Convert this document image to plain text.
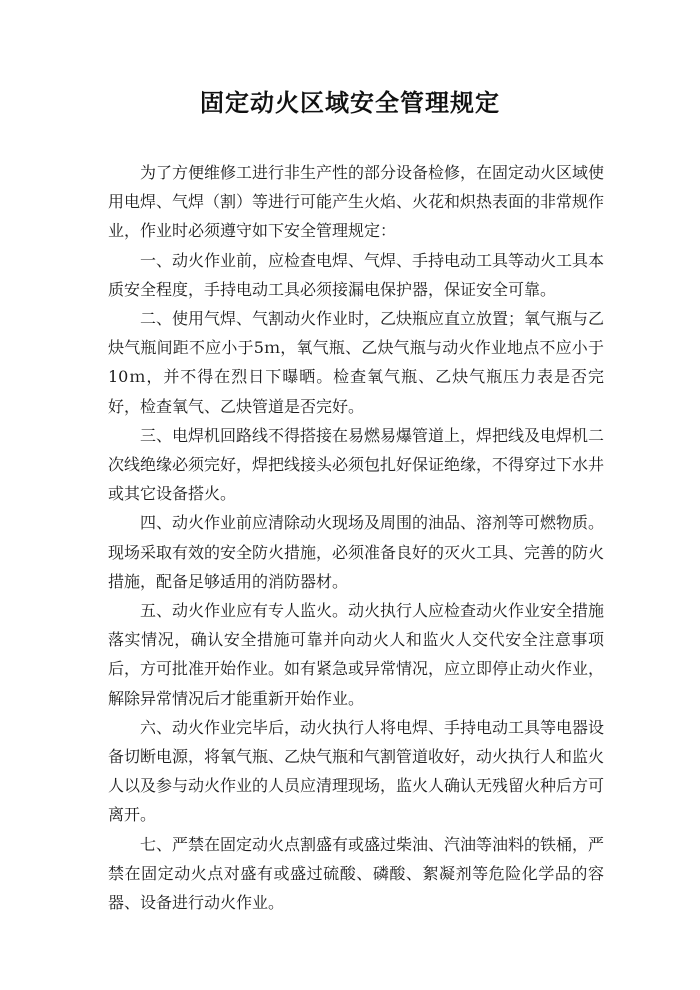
固定动火区域安全管理规定

为了方便维修工进行非生产性的部分设备检修，在固定动火区域使用电焊、气焊（割）等进行可能产生火焰、火花和炽热表面的非常规作业，作业时必须遵守如下安全管理规定：

一、动火作业前，应检查电焊、气焊、手持电动工具等动火工具本质安全程度，手持电动工具必须接漏电保护器，保证安全可靠。

二、使用气焊、气割动火作业时，乙炔瓶应直立放置；氧气瓶与乙炔气瓶间距不应小于5ｍ，氧气瓶、乙炔气瓶与动火作业地点不应小于10ｍ，并不得在烈日下曝晒。检查氧气瓶、乙炔气瓶压力表是否完好，检查氧气、乙炔管道是否完好。

三、电焊机回路线不得搭接在易燃易爆管道上，焊把线及电焊机二次线绝缘必须完好，焊把线接头必须包扎好保证绝缘，不得穿过下水井或其它设备搭火。

四、动火作业前应清除动火现场及周围的油品、溶剂等可燃物质。现场采取有效的安全防火措施，必须准备良好的灭火工具、完善的防火措施，配备足够适用的消防器材。

五、动火作业应有专人监火。动火执行人应检查动火作业安全措施落实情况，确认安全措施可靠并向动火人和监火人交代安全注意事项后，方可批准开始作业。如有紧急或异常情况，应立即停止动火作业，解除异常情况后才能重新开始作业。

六、动火作业完毕后，动火执行人将电焊、手持电动工具等电器设备切断电源，将氧气瓶、乙炔气瓶和气割管道收好，动火执行人和监火人以及参与动火作业的人员应清理现场，监火人确认无残留火种后方可离开。

七、严禁在固定动火点割盛有或盛过柴油、汽油等油料的铁桶，严禁在固定动火点对盛有或盛过硫酸、磷酸、絮凝剂等危险化学品的容器、设备进行动火作业。
